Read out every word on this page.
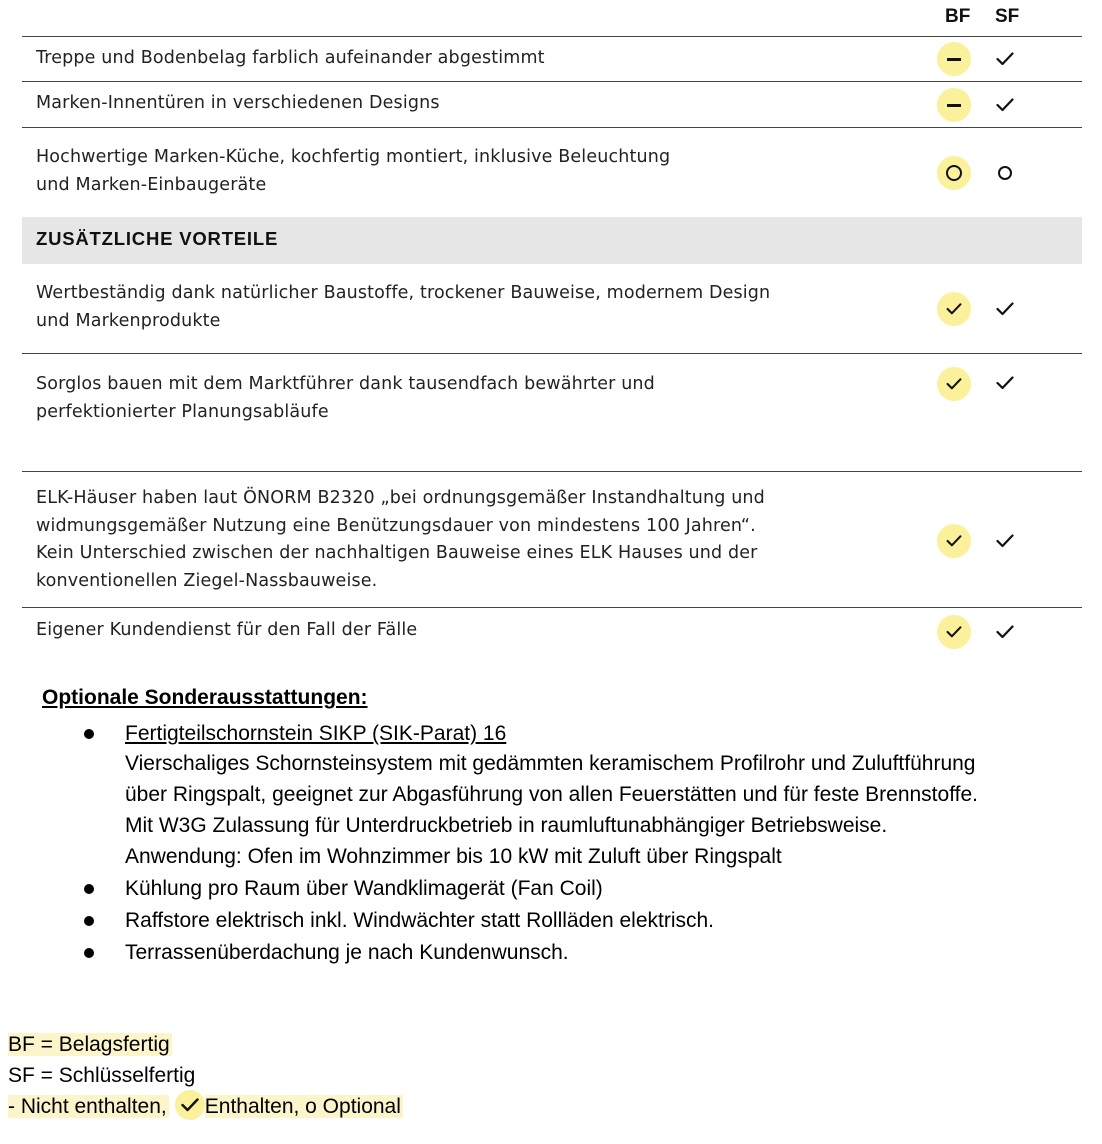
BF SF
Treppe und Bodenbelag farblich aufeinander abgestimmt
Marken-Innentüren in verschiedenen Designs
Hochwertige Marken-Küche, kochfertig montiert, inklusive Beleuchtung
und Marken-Einbaugeräte
ZUSÄTZLICHE VORTEILE
Wertbeständig dank natürlicher Baustoffe, trockener Bauweise, modernem Design
und Markenprodukte
Sorglos bauen mit dem Marktführer dank tausendfach bewährter und
perfektionierter Planungsabläufe
ELK-Häuser haben laut ÖNORM B2320 „bei ordnungsgemäßer Instandhaltung und
widmungsgemäßer Nutzung eine Benützungsdauer von mindestens 100 Jahren“.
Kein Unterschied zwischen der nachhaltigen Bauweise eines ELK Hauses und der
konventionellen Ziegel-Nassbauweise.
Eigener Kundendienst für den Fall der Fälle
Optionale Sonderausstattungen:
Fertigteilschornstein SIKP (SIK-Parat) 16
Vierschaliges Schornsteinsystem mit gedämmten keramischem Profilrohr und Zuluftführung
über Ringspalt, geeignet zur Abgasführung von allen Feuerstätten und für feste Brennstoffe.
Mit W3G Zulassung für Unterdruckbetrieb in raumluftunabhängiger Betriebsweise.
Anwendung: Ofen im Wohnzimmer bis 10 kW mit Zuluft über Ringspalt
Kühlung pro Raum über Wandklimagerät (Fan Coil)
Raffstore elektrisch inkl. Windwächter statt Rollläden elektrisch.
Terrassenüberdachung je nach Kundenwunsch.
BF = Belagsfertig
SF = Schlüsselfertig
- Nicht enthalten, Enthalten, o Optional
